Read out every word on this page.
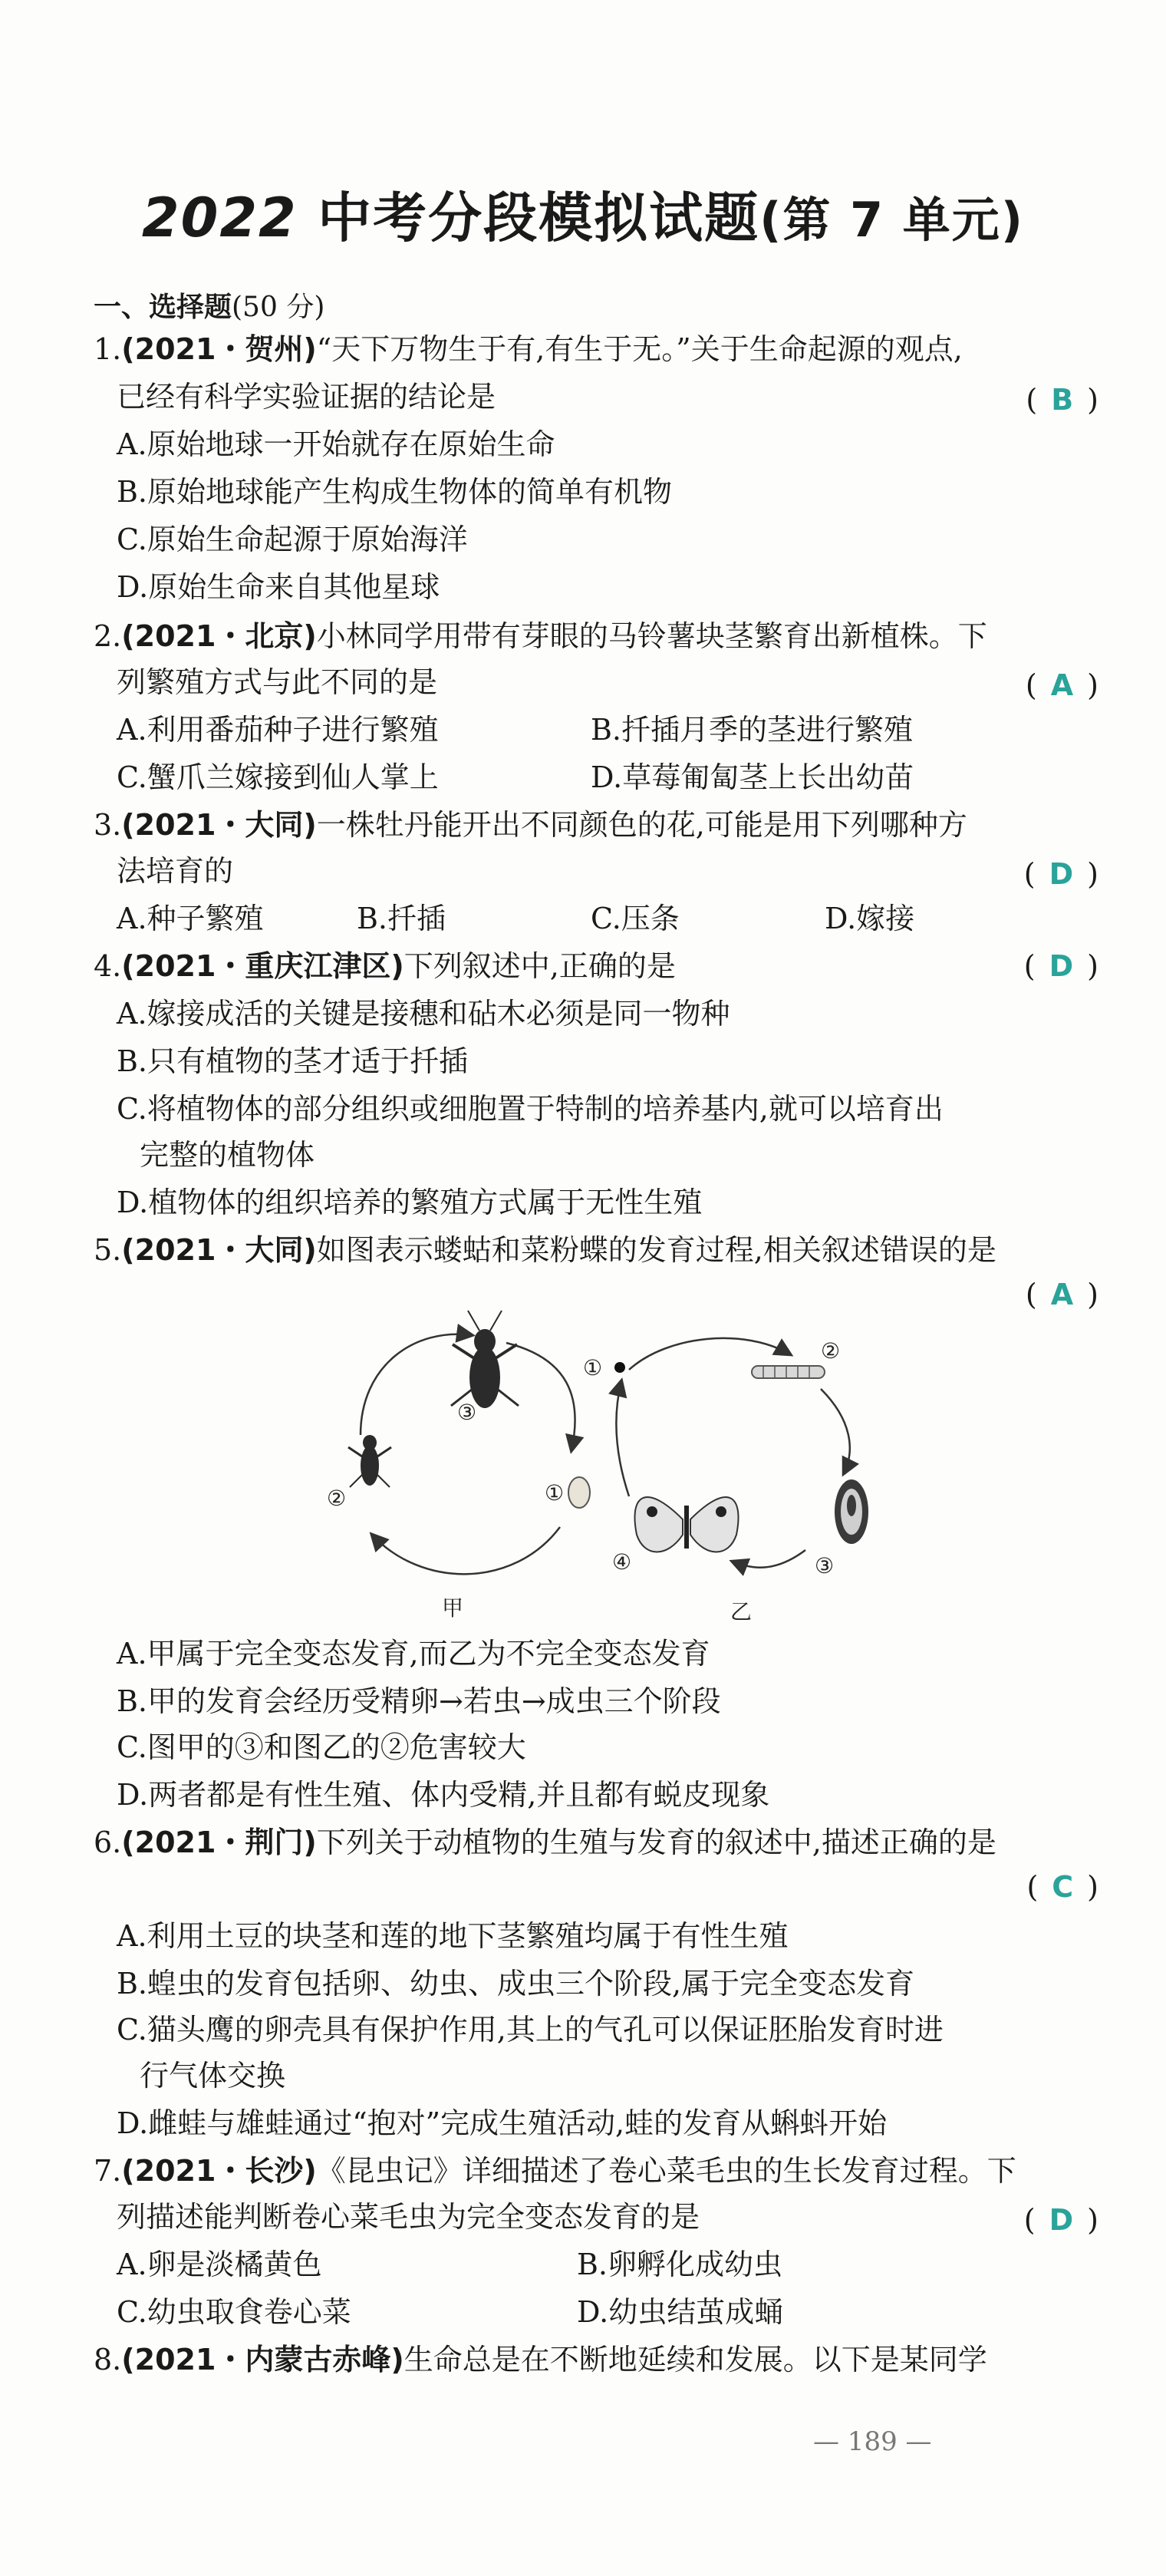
2022 中考分段模拟试题(第 7 单元)
一、选择题(50 分)
1.(2021・贺州)“天下万物生于有,有生于无。”关于生命起源的观点,
已经有科学实验证据的结论是	( B )
A.原始地球一开始就存在原始生命
B.原始地球能产生构成生物体的简单有机物
C.原始生命起源于原始海洋
D.原始生命来自其他星球
2.(2021・北京)小林同学用带有芽眼的马铃薯块茎繁育出新植株。下
列繁殖方式与此不同的是	( A )
A.利用番茄种子进行繁殖	B.扦插月季的茎进行繁殖
C.蟹爪兰嫁接到仙人掌上	D.草莓匍匐茎上长出幼苗
3.(2021・大同)一株牡丹能开出不同颜色的花,可能是用下列哪种方
法培育的	( D )
A.种子繁殖	B.扦插	C.压条	D.嫁接
4.(2021・重庆江津区)下列叙述中,正确的是	( D )
A.嫁接成活的关键是接穗和砧木必须是同一物种
B.只有植物的茎才适于扦插
C.将植物体的部分组织或细胞置于特制的培养基内,就可以培育出
完整的植物体
D.植物体的组织培养的繁殖方式属于无性生殖
5.(2021・大同)如图表示蝼蛄和菜粉蝶的发育过程,相关叙述错误的是
( A )
①
②
③
甲
①
②
③
④
乙
A.甲属于完全变态发育,而乙为不完全变态发育
B.甲的发育会经历受精卵→若虫→成虫三个阶段
C.图甲的③和图乙的②危害较大
D.两者都是有性生殖、体内受精,并且都有蜕皮现象
6.(2021・荆门)下列关于动植物的生殖与发育的叙述中,描述正确的是
( C )
A.利用土豆的块茎和莲的地下茎繁殖均属于有性生殖
B.蝗虫的发育包括卵、幼虫、成虫三个阶段,属于完全变态发育
C.猫头鹰的卵壳具有保护作用,其上的气孔可以保证胚胎发育时进
行气体交换
D.雌蛙与雄蛙通过“抱对”完成生殖活动,蛙的发育从蝌蚪开始
7.(2021・长沙)《昆虫记》详细描述了卷心菜毛虫的生长发育过程。下
列描述能判断卷心菜毛虫为完全变态发育的是	( D )
A.卵是淡橘黄色	B.卵孵化成幼虫
C.幼虫取食卷心菜	D.幼虫结茧成蛹
8.(2021・内蒙古赤峰)生命总是在不断地延续和发展。以下是某同学
— 189 —
